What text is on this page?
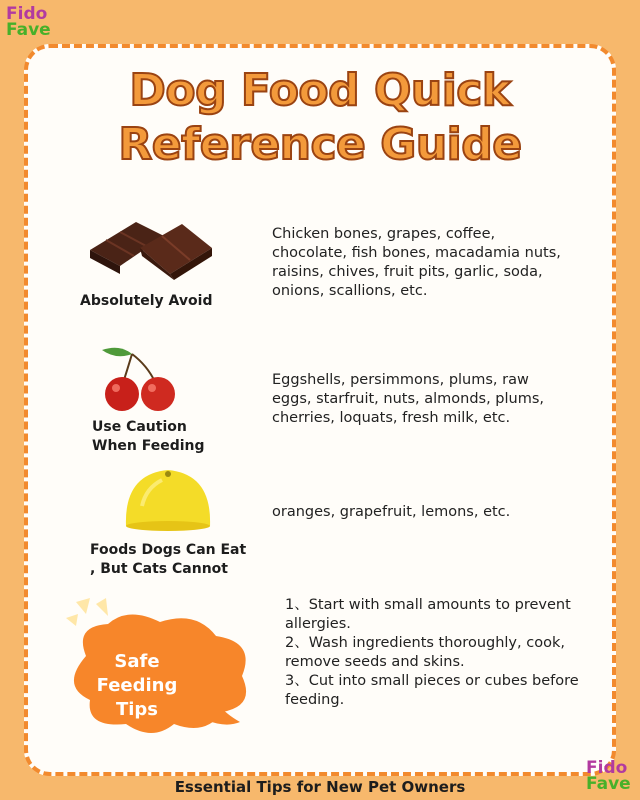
Fido
Fave
Dog Food Quick
Reference Guide
Absolutely Avoid
Chicken bones, grapes, coffee, chocolate, fish bones, macadamia nuts, raisins, chives, fruit pits, garlic, soda, onions, scallions, etc.
Use Caution
When Feeding
Eggshells, persimmons, plums, raw eggs, starfruit, nuts, almonds, plums, cherries, loquats, fresh milk, etc.
Foods Dogs Can Eat
, But Cats Cannot
oranges, grapefruit, lemons, etc.
Safe Feeding
Tips
1、Start with small amounts to prevent allergies.
2、Wash ingredients thoroughly, cook, remove seeds and skins.
3、Cut into small pieces or cubes before feeding.
Essential Tips for New Pet Owners
Fido
Fave
